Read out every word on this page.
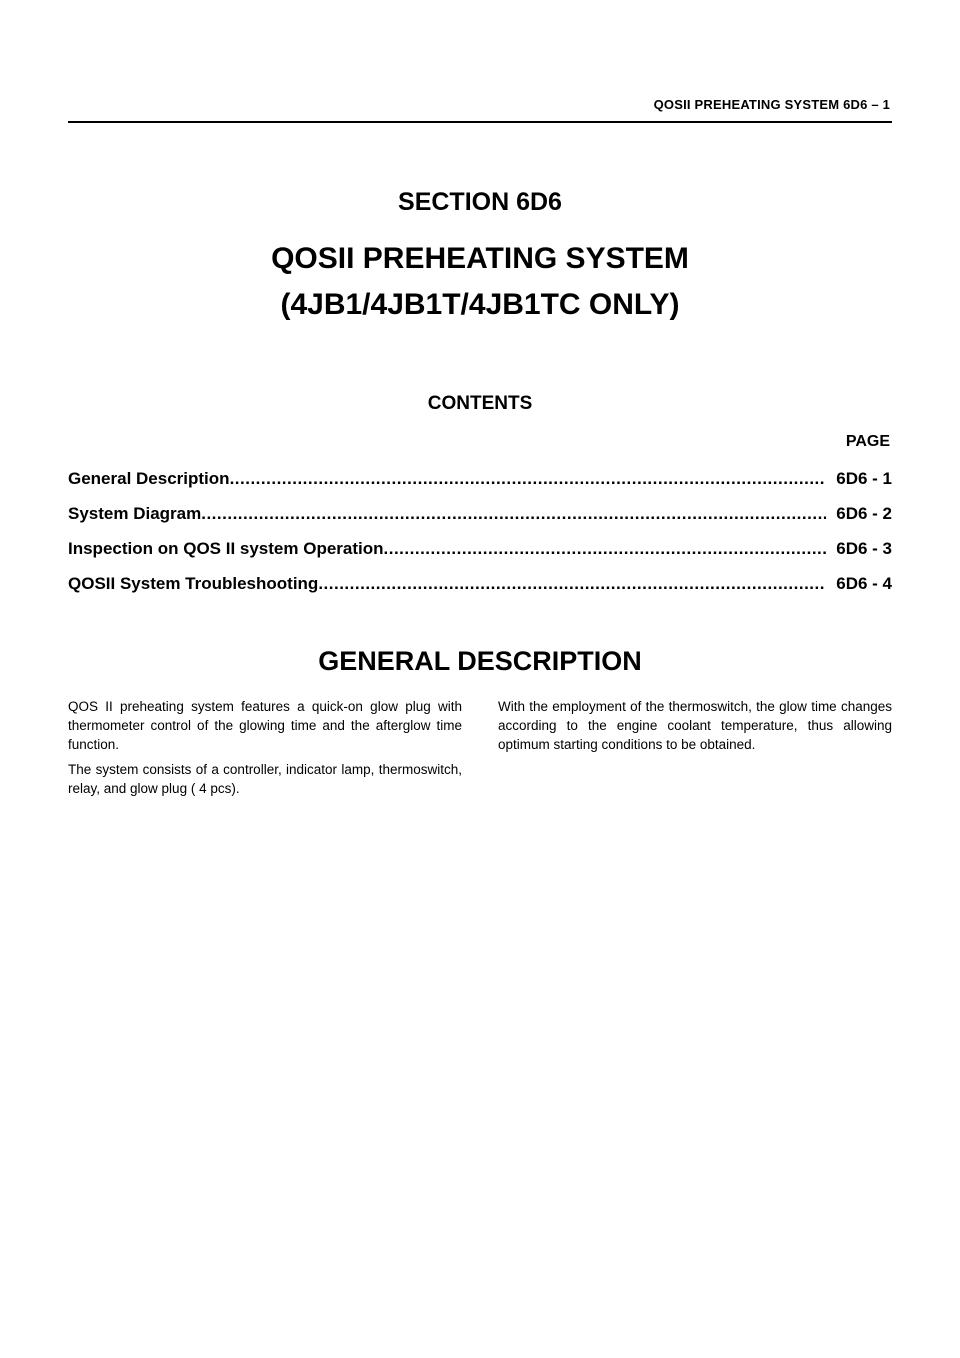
QOSII PREHEATING SYSTEM 6D6 – 1
SECTION 6D6
QOSII PREHEATING SYSTEM
(4JB1/4JB1T/4JB1TC ONLY)
CONTENTS
PAGE
General Description .....	6D6 - 1
System Diagram .....	6D6 - 2
Inspection on QOS II system Operation .....	6D6 - 3
QOSII System Troubleshooting .....	6D6 - 4
GENERAL DESCRIPTION

QOS II preheating system features a quick-on glow plug with thermometer control of the glowing time and the afterglow time function.

The system consists of a controller, indicator lamp, thermoswitch, relay, and glow plug ( 4 pcs).

With the employment of the thermoswitch, the glow time changes according to the engine coolant temperature, thus allowing optimum starting conditions to be obtained.
